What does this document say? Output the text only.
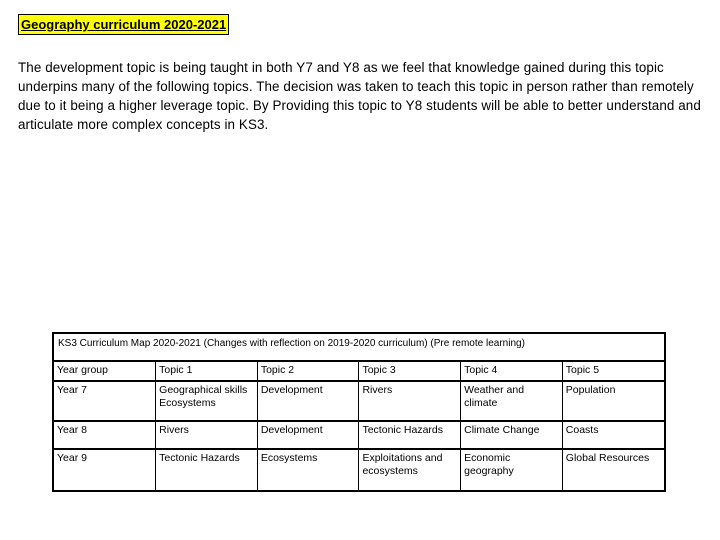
Geography curriculum 2020-2021
The development topic is being taught in both Y7 and Y8 as we feel that knowledge gained during this topic underpins many of the following topics. The decision was taken to teach this topic in person rather than remotely due to it being a higher leverage topic. By Providing this topic to Y8 students will be able to better understand and articulate more complex concepts in KS3.
KS3 Curriculum Map 2020-2021 (Changes with reflection on 2019-2020 curriculum) (Pre remote learning)
Year group	Topic 1	Topic 2	Topic 3	Topic 4	Topic 5
Year 7	Geographical skills Ecosystems	Development	Rivers	Weather and climate	Population
Year 8	Rivers	Development	Tectonic Hazards	Climate Change	Coasts
Year 9	Tectonic Hazards	Ecosystems	Exploitations and ecosystems	Economic geography	Global Resources
